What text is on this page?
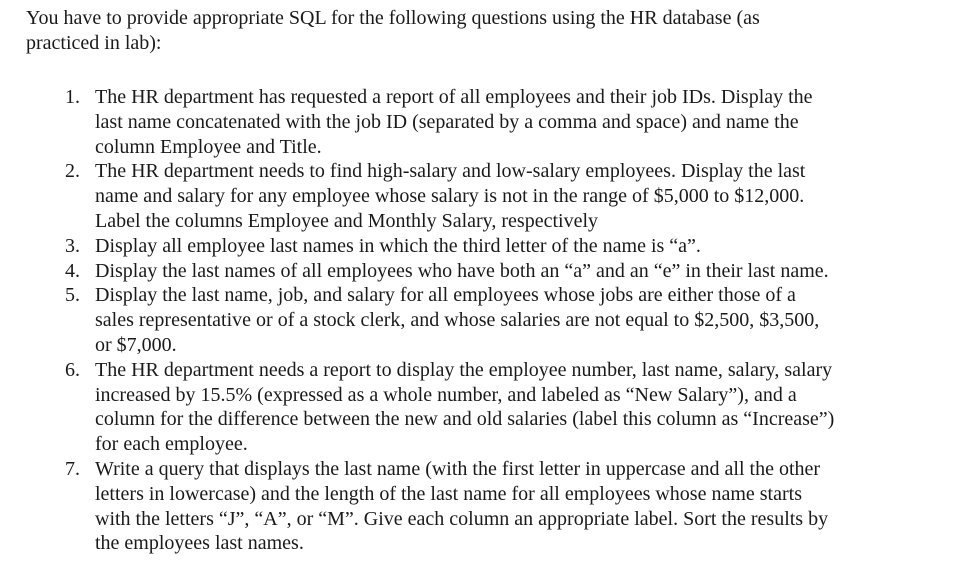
You have to provide appropriate SQL for the following questions using the HR database (as
practiced in lab):

1. The HR department has requested a report of all employees and their job IDs. Display the
last name concatenated with the job ID (separated by a comma and space) and name the
column Employee and Title.
2. The HR department needs to find high-salary and low-salary employees. Display the last
name and salary for any employee whose salary is not in the range of $5,000 to $12,000.
Label the columns Employee and Monthly Salary, respectively
3. Display all employee last names in which the third letter of the name is “a”.
4. Display the last names of all employees who have both an “a” and an “e” in their last name.
5. Display the last name, job, and salary for all employees whose jobs are either those of a
sales representative or of a stock clerk, and whose salaries are not equal to $2,500, $3,500,
or $7,000.
6. The HR department needs a report to display the employee number, last name, salary, salary
increased by 15.5% (expressed as a whole number, and labeled as “New Salary”), and a
column for the difference between the new and old salaries (label this column as “Increase”)
for each employee.
7. Write a query that displays the last name (with the first letter in uppercase and all the other
letters in lowercase) and the length of the last name for all employees whose name starts
with the letters “J”, “A”, or “M”. Give each column an appropriate label. Sort the results by
the employees last names.
